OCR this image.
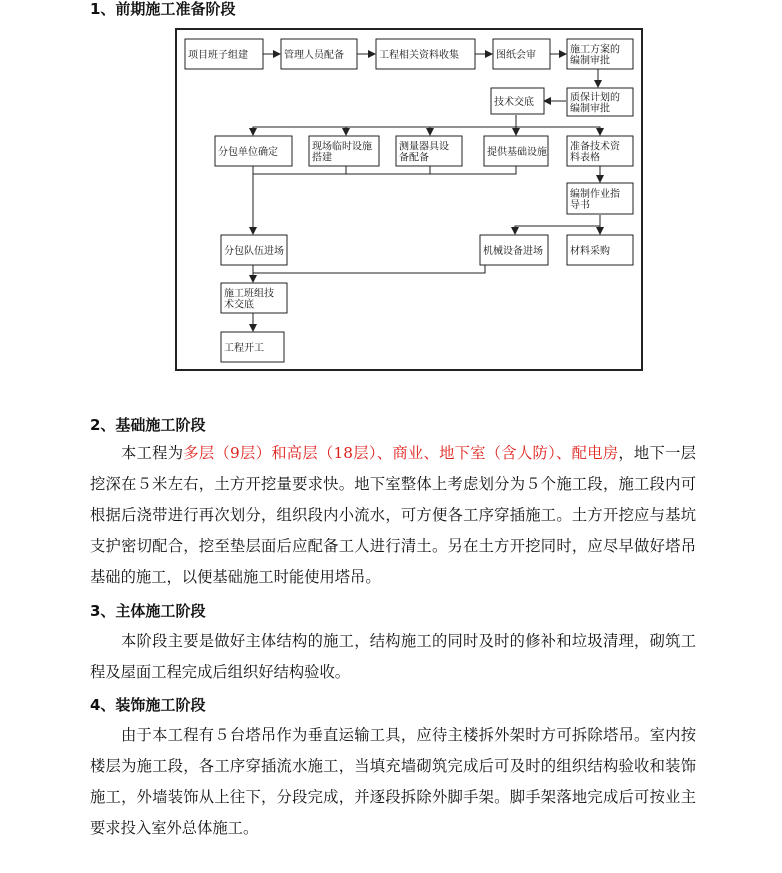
1、前期施工准备阶段
项目班子组建	管理人员配备	工程相关资料收集	图纸会审	施工方案的
编制审批
技术交底	质保计划的
编制审批
分包单位确定	现场临时设施
搭建
测量器具设
备配备	提供基础设施 准备技术资
料表格
编制作业指
导书
分包队伍进场	机械设备进场	材料采购
施工班组技
术交底
工程开工
2、基础施工阶段

本工程为多层（9层）和高层（18层）、商业、地下室（含人防）、配电房，地下一层挖深在５米左右，土方开挖量要求快。地下室整体上考虑划分为５个施工段，施工段内可根据后浇带进行再次划分，组织段内小流水，可方便各工序穿插施工。土方开挖应与基坑支护密切配合，挖至垫层面后应配备工人进行清土。另在土方开挖同时，应尽早做好塔吊基础的施工，以便基础施工时能使用塔吊。

3、主体施工阶段

本阶段主要是做好主体结构的施工，结构施工的同时及时的修补和垃圾清理，砌筑工程及屋面工程完成后组织好结构验收。

4、装饰施工阶段

由于本工程有５台塔吊作为垂直运输工具，应待主楼拆外架时方可拆除塔吊。室内按楼层为施工段，各工序穿插流水施工，当填充墙砌筑完成后可及时的组织结构验收和装饰施工，外墙装饰从上往下，分段完成，并逐段拆除外脚手架。脚手架落地完成后可按业主要求投入室外总体施工。
